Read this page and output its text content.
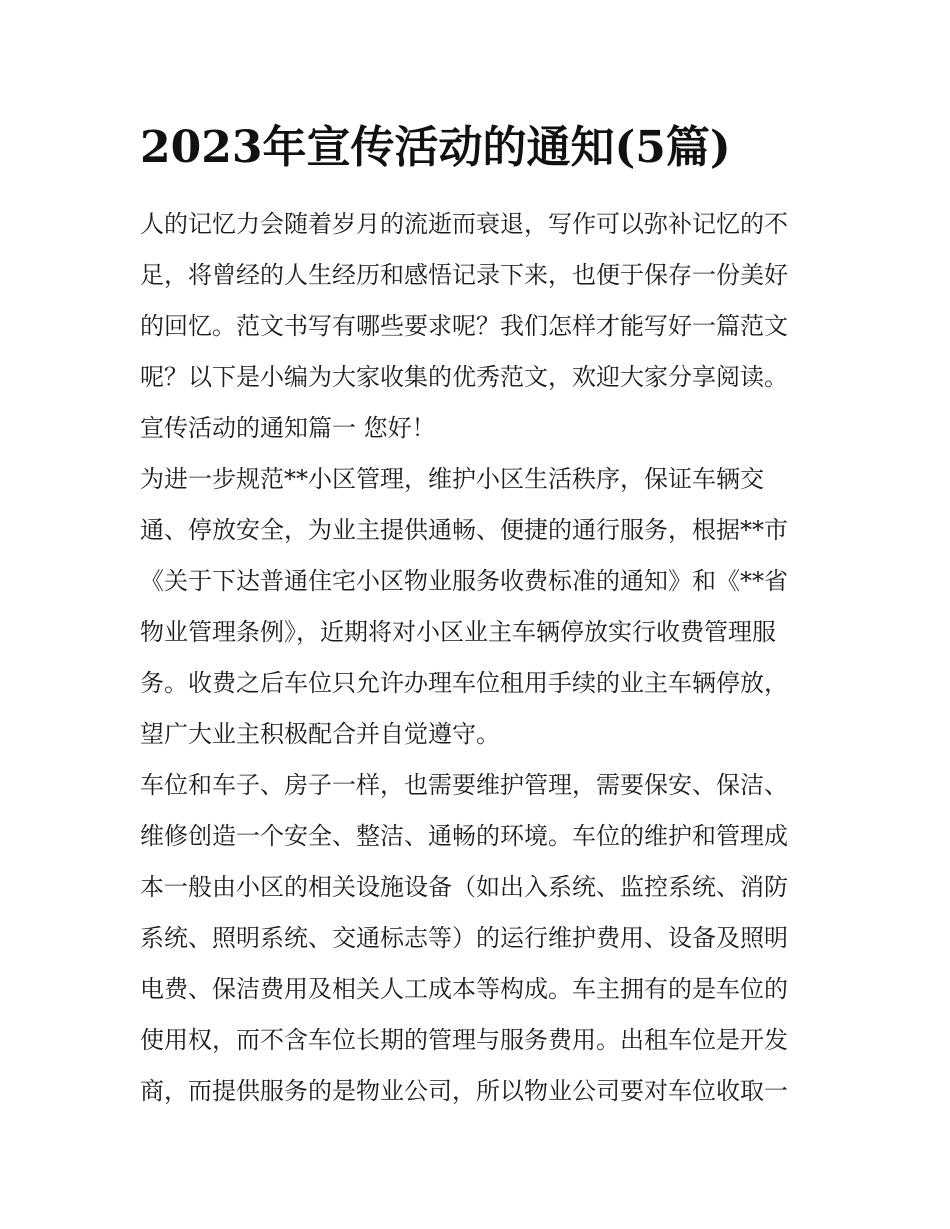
2023年宣传活动的通知(5篇)
人的记忆力会随着岁月的流逝而衰退，写作可以弥补记忆的不
足，将曾经的人生经历和感悟记录下来，也便于保存一份美好
的回忆。范文书写有哪些要求呢？我们怎样才能写好一篇范文
呢？以下是小编为大家收集的优秀范文，欢迎大家分享阅读。
宣传活动的通知篇一 您好！
为进一步规范**小区管理，维护小区生活秩序，保证车辆交
通、停放安全，为业主提供通畅、便捷的通行服务，根据**市
《关于下达普通住宅小区物业服务收费标准的通知》和《**省
物业管理条例》，近期将对小区业主车辆停放实行收费管理服
务。收费之后车位只允许办理车位租用手续的业主车辆停放，
望广大业主积极配合并自觉遵守。
车位和车子、房子一样，也需要维护管理，需要保安、保洁、
维修创造一个安全、整洁、通畅的环境。车位的维护和管理成
本一般由小区的相关设施设备（如出入系统、监控系统、消防
系统、照明系统、交通标志等）的运行维护费用、设备及照明
电费、保洁费用及相关人工成本等构成。车主拥有的是车位的
使用权，而不含车位长期的管理与服务费用。出租车位是开发
商，而提供服务的是物业公司，所以物业公司要对车位收取一
